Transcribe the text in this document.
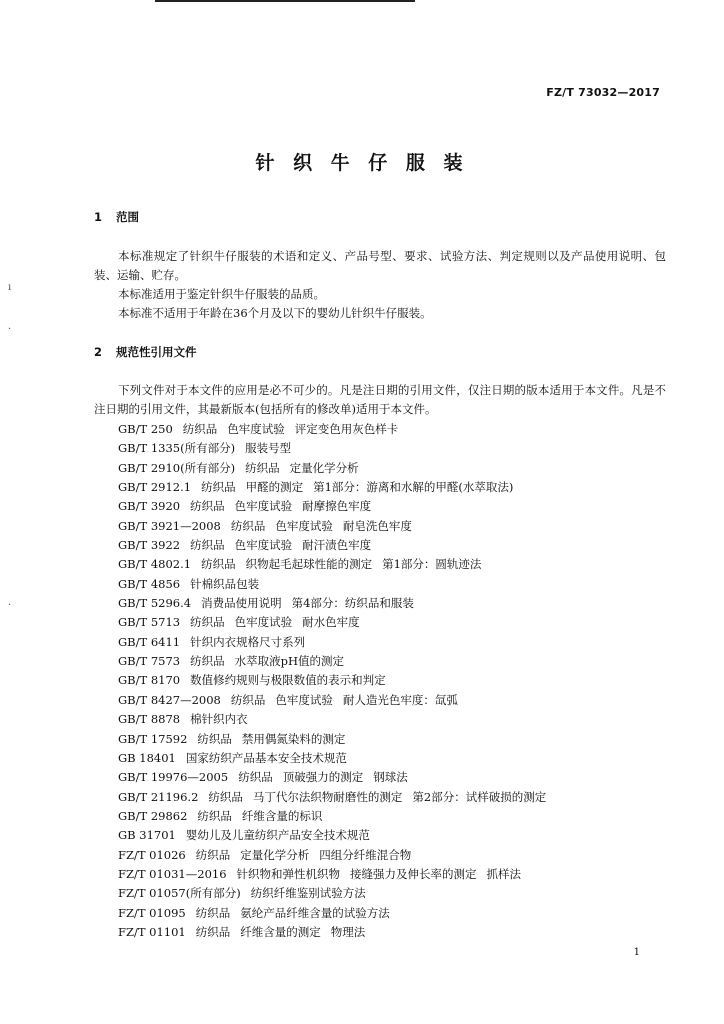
FZ/T 73032—2017
针 织 牛 仔 服 装
1 范围

本标准规定了针织牛仔服装的术语和定义、产品号型、要求、试验方法、判定规则以及产品使用说明、包装、运输、贮存。

本标准适用于鉴定针织牛仔服装的品质。

本标准不适用于年龄在36个月及以下的婴幼儿针织牛仔服装。

2 规范性引用文件

下列文件对于本文件的应用是必不可少的。凡是注日期的引用文件，仅注日期的版本适用于本文件。凡是不注日期的引用文件，其最新版本(包括所有的修改单)适用于本文件。

GB/T 250 纺织品 色牢度试验 评定变色用灰色样卡
GB/T 1335(所有部分) 服装号型
GB/T 2910(所有部分) 纺织品 定量化学分析
GB/T 2912.1 纺织品 甲醛的测定 第1部分：游离和水解的甲醛(水萃取法)
GB/T 3920 纺织品 色牢度试验 耐摩擦色牢度
GB/T 3921—2008 纺织品 色牢度试验 耐皂洗色牢度
GB/T 3922 纺织品 色牢度试验 耐汗渍色牢度
GB/T 4802.1 纺织品 织物起毛起球性能的测定 第1部分：圆轨迹法
GB/T 4856 针棉织品包装
GB/T 5296.4 消费品使用说明 第4部分：纺织品和服装
GB/T 5713 纺织品 色牢度试验 耐水色牢度
GB/T 6411 针织内衣规格尺寸系列
GB/T 7573 纺织品 水萃取液pH值的测定
GB/T 8170 数值修约规则与极限数值的表示和判定
GB/T 8427—2008 纺织品 色牢度试验 耐人造光色牢度：氙弧
GB/T 8878 棉针织内衣
GB/T 17592 纺织品 禁用偶氮染料的测定
GB 18401 国家纺织产品基本安全技术规范
GB/T 19976—2005 纺织品 顶破强力的测定 钢球法
GB/T 21196.2 纺织品 马丁代尔法织物耐磨性的测定 第2部分：试样破损的测定
GB/T 29862 纺织品 纤维含量的标识
GB 31701 婴幼儿及儿童纺织产品安全技术规范
FZ/T 01026 纺织品 定量化学分析 四组分纤维混合物
FZ/T 01031—2016 针织物和弹性机织物 接缝强力及伸长率的测定 抓样法
FZ/T 01057(所有部分) 纺织纤维鉴别试验方法
FZ/T 01095 纺织品 氨纶产品纤维含量的试验方法
FZ/T 01101 纺织品 纤维含量的测定 物理法
1
ı
·
·
